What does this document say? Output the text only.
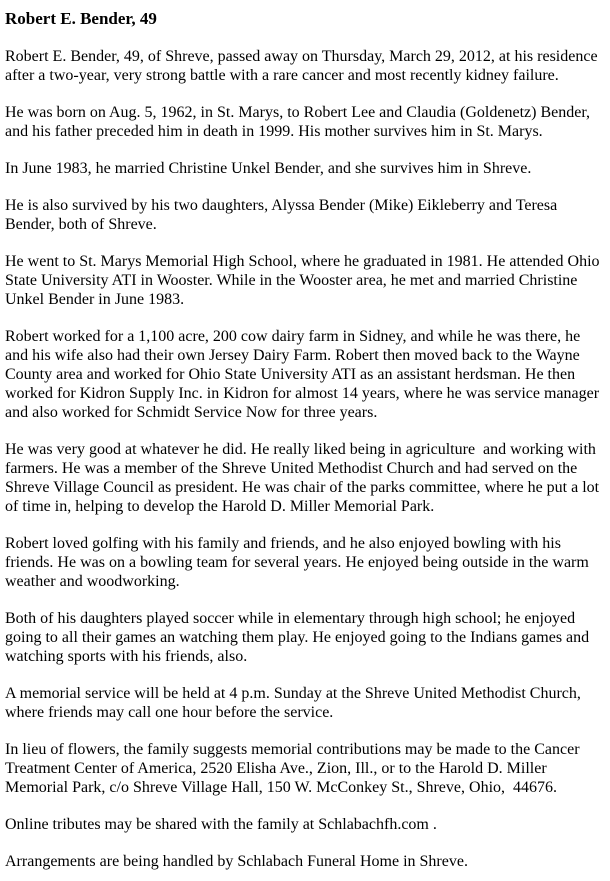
Robert E. Bender, 49

Robert E. Bender, 49, of Shreve, passed away on Thursday, March 29, 2012, at his residence after a two-year, very strong battle with a rare cancer and most recently kidney failure.

He was born on Aug. 5, 1962, in St. Marys, to Robert Lee and Claudia (Goldenetz) Bender, and his father preceded him in death in 1999. His mother survives him in St. Marys.

In June 1983, he married Christine Unkel Bender, and she survives him in Shreve.

He is also survived by his two daughters, Alyssa Bender (Mike) Eikleberry and Teresa Bender, both of Shreve.

He went to St. Marys Memorial High School, where he graduated in 1981. He attended Ohio State University ATI in Wooster. While in the Wooster area, he met and married Christine Unkel Bender in June 1983.

Robert worked for a 1,100 acre, 200 cow dairy farm in Sidney, and while he was there, he and his wife also had their own Jersey Dairy Farm. Robert then moved back to the Wayne County area and worked for Ohio State University ATI as an assistant herdsman. He then worked for Kidron Supply Inc. in Kidron for almost 14 years, where he was service manager and also worked for Schmidt Service Now for three years.

He was very good at whatever he did. He really liked being in agriculture  and working with farmers. He was a member of the Shreve United Methodist Church and had served on the Shreve Village Council as president. He was chair of the parks committee, where he put a lot of time in, helping to develop the Harold D. Miller Memorial Park.

Robert loved golfing with his family and friends, and he also enjoyed bowling with his friends. He was on a bowling team for several years. He enjoyed being outside in the warm weather and woodworking.

Both of his daughters played soccer while in elementary through high school; he enjoyed going to all their games an watching them play. He enjoyed going to the Indians games and watching sports with his friends, also.

A memorial service will be held at 4 p.m. Sunday at the Shreve United Methodist Church, where friends may call one hour before the service.

In lieu of flowers, the family suggests memorial contributions may be made to the Cancer Treatment Center of America, 2520 Elisha Ave., Zion, Ill., or to the Harold D. Miller Memorial Park, c/o Shreve Village Hall, 150 W. McConkey St., Shreve, Ohio,  44676.

Online tributes may be shared with the family at Schlabachfh.com .

Arrangements are being handled by Schlabach Funeral Home in Shreve.
